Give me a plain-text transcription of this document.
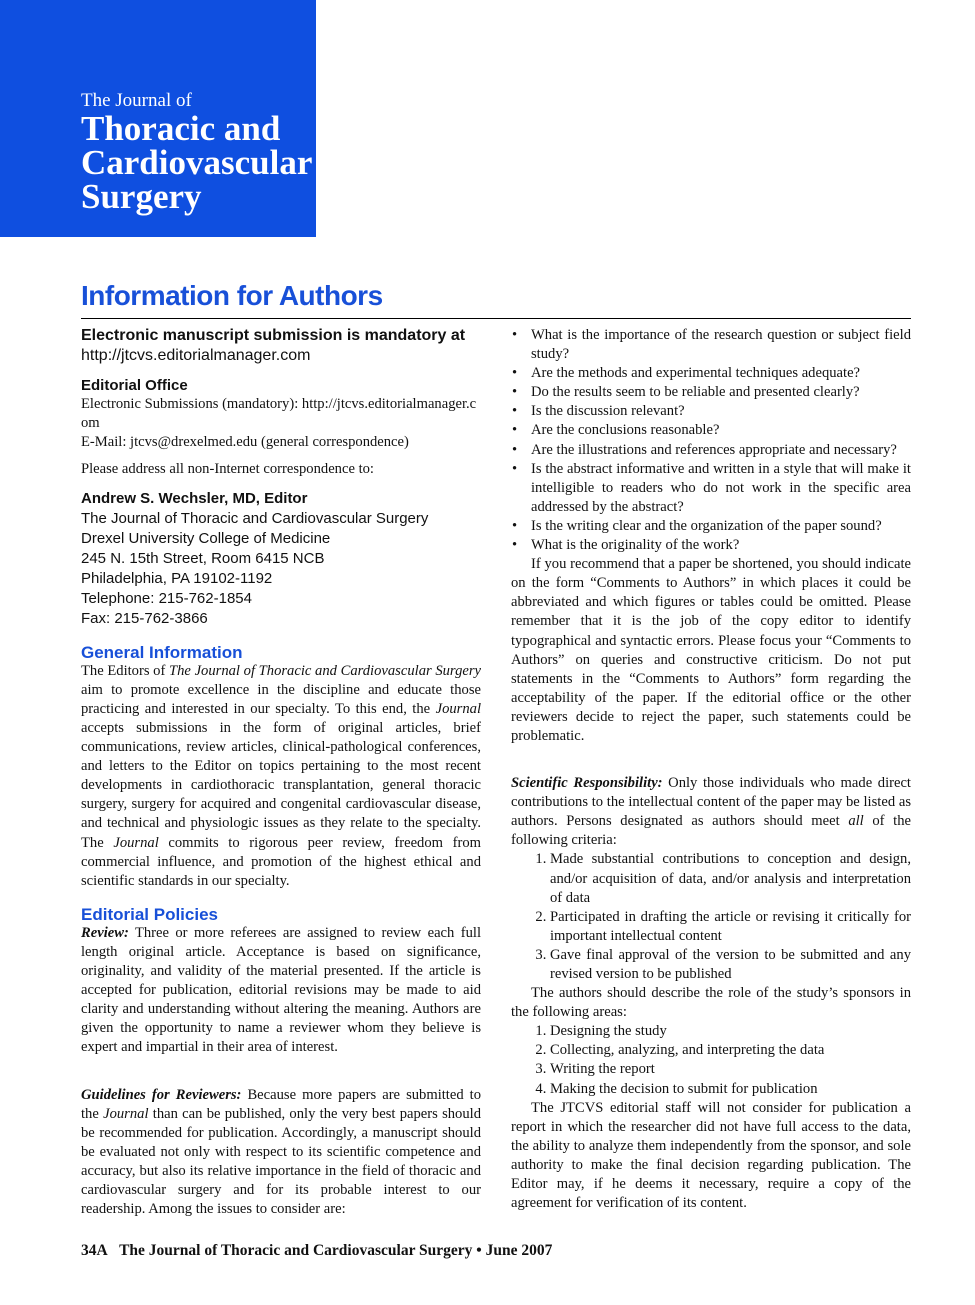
The Journal of
Thoracic and
Cardiovascular
Surgery
Information for Authors
Electronic manuscript submission is mandatory at
http://jtcvs.editorialmanager.com
Editorial Office

Electronic Submissions (mandatory): http://jtcvs.editorialmanager.com

E-Mail: jtcvs@drexelmed.edu (general correspondence)

Please address all non-Internet correspondence to:

Andrew S. Wechsler, MD, Editor
The Journal of Thoracic and Cardiovascular Surgery
Drexel University College of Medicine
245 N. 15th Street, Room 6415 NCB
Philadelphia, PA 19102-1192
Telephone: 215-762-1854
Fax: 215-762-3866
General Information

The Editors of The Journal of Thoracic and Cardiovascular Surgery aim to promote excellence in the discipline and educate those practicing and interested in our specialty. To this end, the Journal accepts submissions in the form of original articles, brief communications, review articles, clinical-pathological conferences, and letters to the Editor on topics pertaining to the most recent developments in cardiothoracic transplantation, general thoracic surgery, surgery for acquired and congenital cardiovascular disease, and technical and physiologic issues as they relate to the specialty. The Journal commits to rigorous peer review, freedom from commercial influence, and promotion of the highest ethical and scientific standards in our specialty.

Editorial Policies

Review: Three or more referees are assigned to review each full length original article. Acceptance is based on significance, originality, and validity of the material presented. If the article is accepted for publication, editorial revisions may be made to aid clarity and understanding without altering the meaning. Authors are given the opportunity to name a reviewer whom they believe is expert and impartial in their area of interest.

Guidelines for Reviewers: Because more papers are submitted to the Journal than can be published, only the very best papers should be recommended for publication. Accordingly, a manuscript should be evaluated not only with respect to its scientific competence and accuracy, but also its relative importance in the field of thoracic and cardiovascular surgery and for its probable interest to our readership. Among the issues to consider are:

• What is the importance of the research question or subject field study?
• Are the methods and experimental techniques adequate?
• Do the results seem to be reliable and presented clearly?
• Is the discussion relevant?
• Are the conclusions reasonable?
• Are the illustrations and references appropriate and necessary?
• Is the abstract informative and written in a style that will make it intelligible to readers who do not work in the specific area addressed by the abstract?
• Is the writing clear and the organization of the paper sound?
• What is the originality of the work?

If you recommend that a paper be shortened, you should indicate on the form “Comments to Authors” in which places it could be abbreviated and which figures or tables could be omitted. Please remember that it is the job of the copy editor to identify typographical and syntactic errors. Please focus your “Comments to Authors” on queries and constructive criticism. Do not put statements in the “Comments to Authors” form regarding the acceptability of the paper. If the editorial office or the other reviewers decide to reject the paper, such statements could be problematic.

Scientific Responsibility: Only those individuals who made direct contributions to the intellectual content of the paper may be listed as authors. Persons designated as authors should meet all of the following criteria:

1. Made substantial contributions to conception and design, and/or acquisition of data, and/or analysis and interpretation of data
2. Participated in drafting the article or revising it critically for important intellectual content
3. Gave final approval of the version to be submitted and any revised version to be published

The authors should describe the role of the study’s sponsors in the following areas:

1. Designing the study
2. Collecting, analyzing, and interpreting the data
3. Writing the report
4. Making the decision to submit for publication

The JTCVS editorial staff will not consider for publication a report in which the researcher did not have full access to the data, the ability to analyze them independently from the sponsor, and sole authority to make the final decision regarding publication. The Editor may, if he deems it necessary, require a copy of the agreement for verification of its content.

34A The Journal of Thoracic and Cardiovascular Surgery • June 2007
